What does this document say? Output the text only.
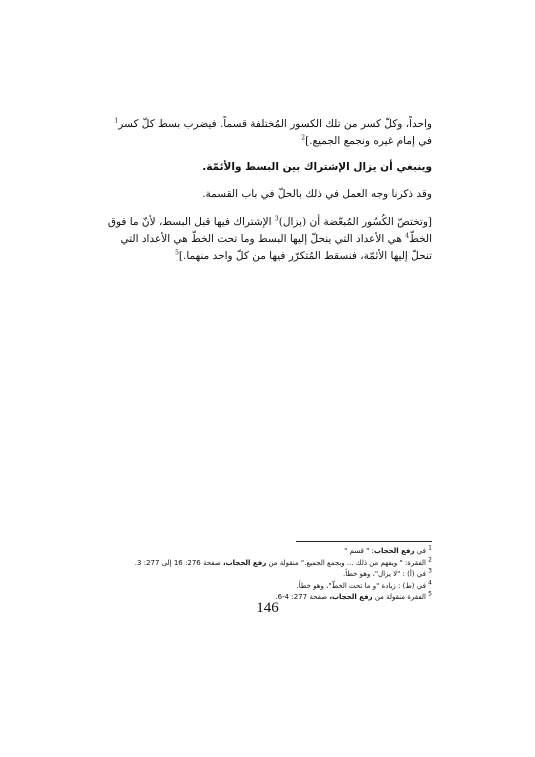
واحداً، وكلّ كسر من تلك الكسور المُختلفة قسماً. فيضرب بسط كلّ كسر$^1$ في إمام غيره ونجمع الجميع.]$^2$
وينبغي أن يزال الإشتراك بين البسط والأئمّة.
وقد ذكرنا وجه العمل في ذلك بالحلّ في باب القسمة.
[وتختصّ الكُسُور المُبعّضة أن (يزال)$^3$ الإشتراك فيها قبل البسط، لأنّ ما فوق الخطّ$^4$ هي الأعداد التي ينحلّ إليها البسط وما تحت الخطّ هي الأعداد التي تنحلّ إليها الأئمّة، فنسقط المُتكرّر فيها من كلّ واحد منهما.]$^5$

$^1$ في رفع الحجاب: " قسم "

$^2$ الفقرة: " ويفهم من ذلك ... وبجمع الجميع." منقولة من رفع الحجاب، صفحة 276: 16 إلى 277: 3.

$^3$ في (أ) : "لا يزال"، وهو خطأ.

$^4$ في (ط) : زيادة "و ما تحت الخطّ"، وهو خطأ.

$^5$ الفقرة منقولة من رفع الحجاب، صفحة 277: 4-6.

146
